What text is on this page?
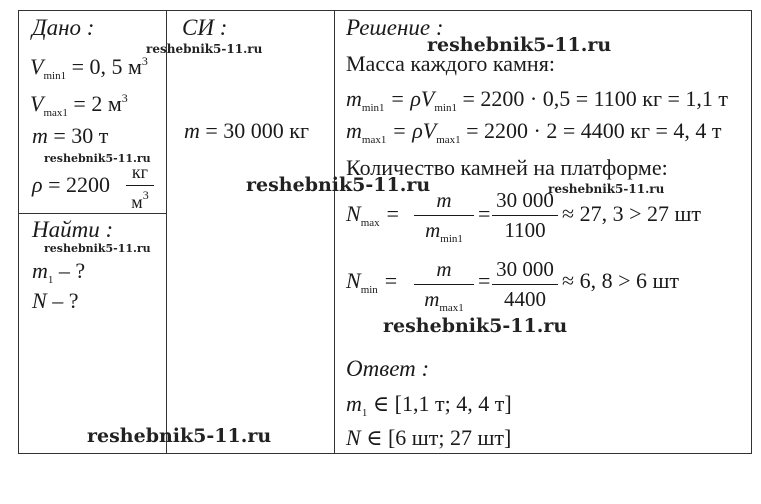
Дано :
$V_{min1} = 0$, 5 $м^3$
$V_{max1} = 2$ $м^3$
m = 30 т
ρ = 2200	кг
$м^3$
Найти :
$m_1$ – ?
N – ?
СИ :
m = 30 000 кг
Решение :
Масса каждого камня:
$m_{min1} = \rho V_{min1} = 2200 \cdot 0,5 = 1100$ кг = 1,1 т
$m_{max1} = \rho V_{max1} = 2200 \cdot 2 = 4400$ кг = 4, 4 т
Количество камней на платформе:
$N_{max}$ =
m
$m_{min1}$
=
30 000
1100
≈ 27, 3 > 27 шт
$N_{min}$ =	m
$m_{max1}$
= 30 000
4400
≈ 6, 8 > 6 шт
Ответ :
$m_1$ ∈ [1,1 т; 4, 4 т]
N ∈ [6 шт; 27 шт]
reshebnik5-11.ru
reshebnik5-11.ru
reshebnik5-11.ru
reshebnik5-11.ru	reshebnik5-11.ru
reshebnik5-11.ru
reshebnik5-11.ru
reshebnik5-11.ru
